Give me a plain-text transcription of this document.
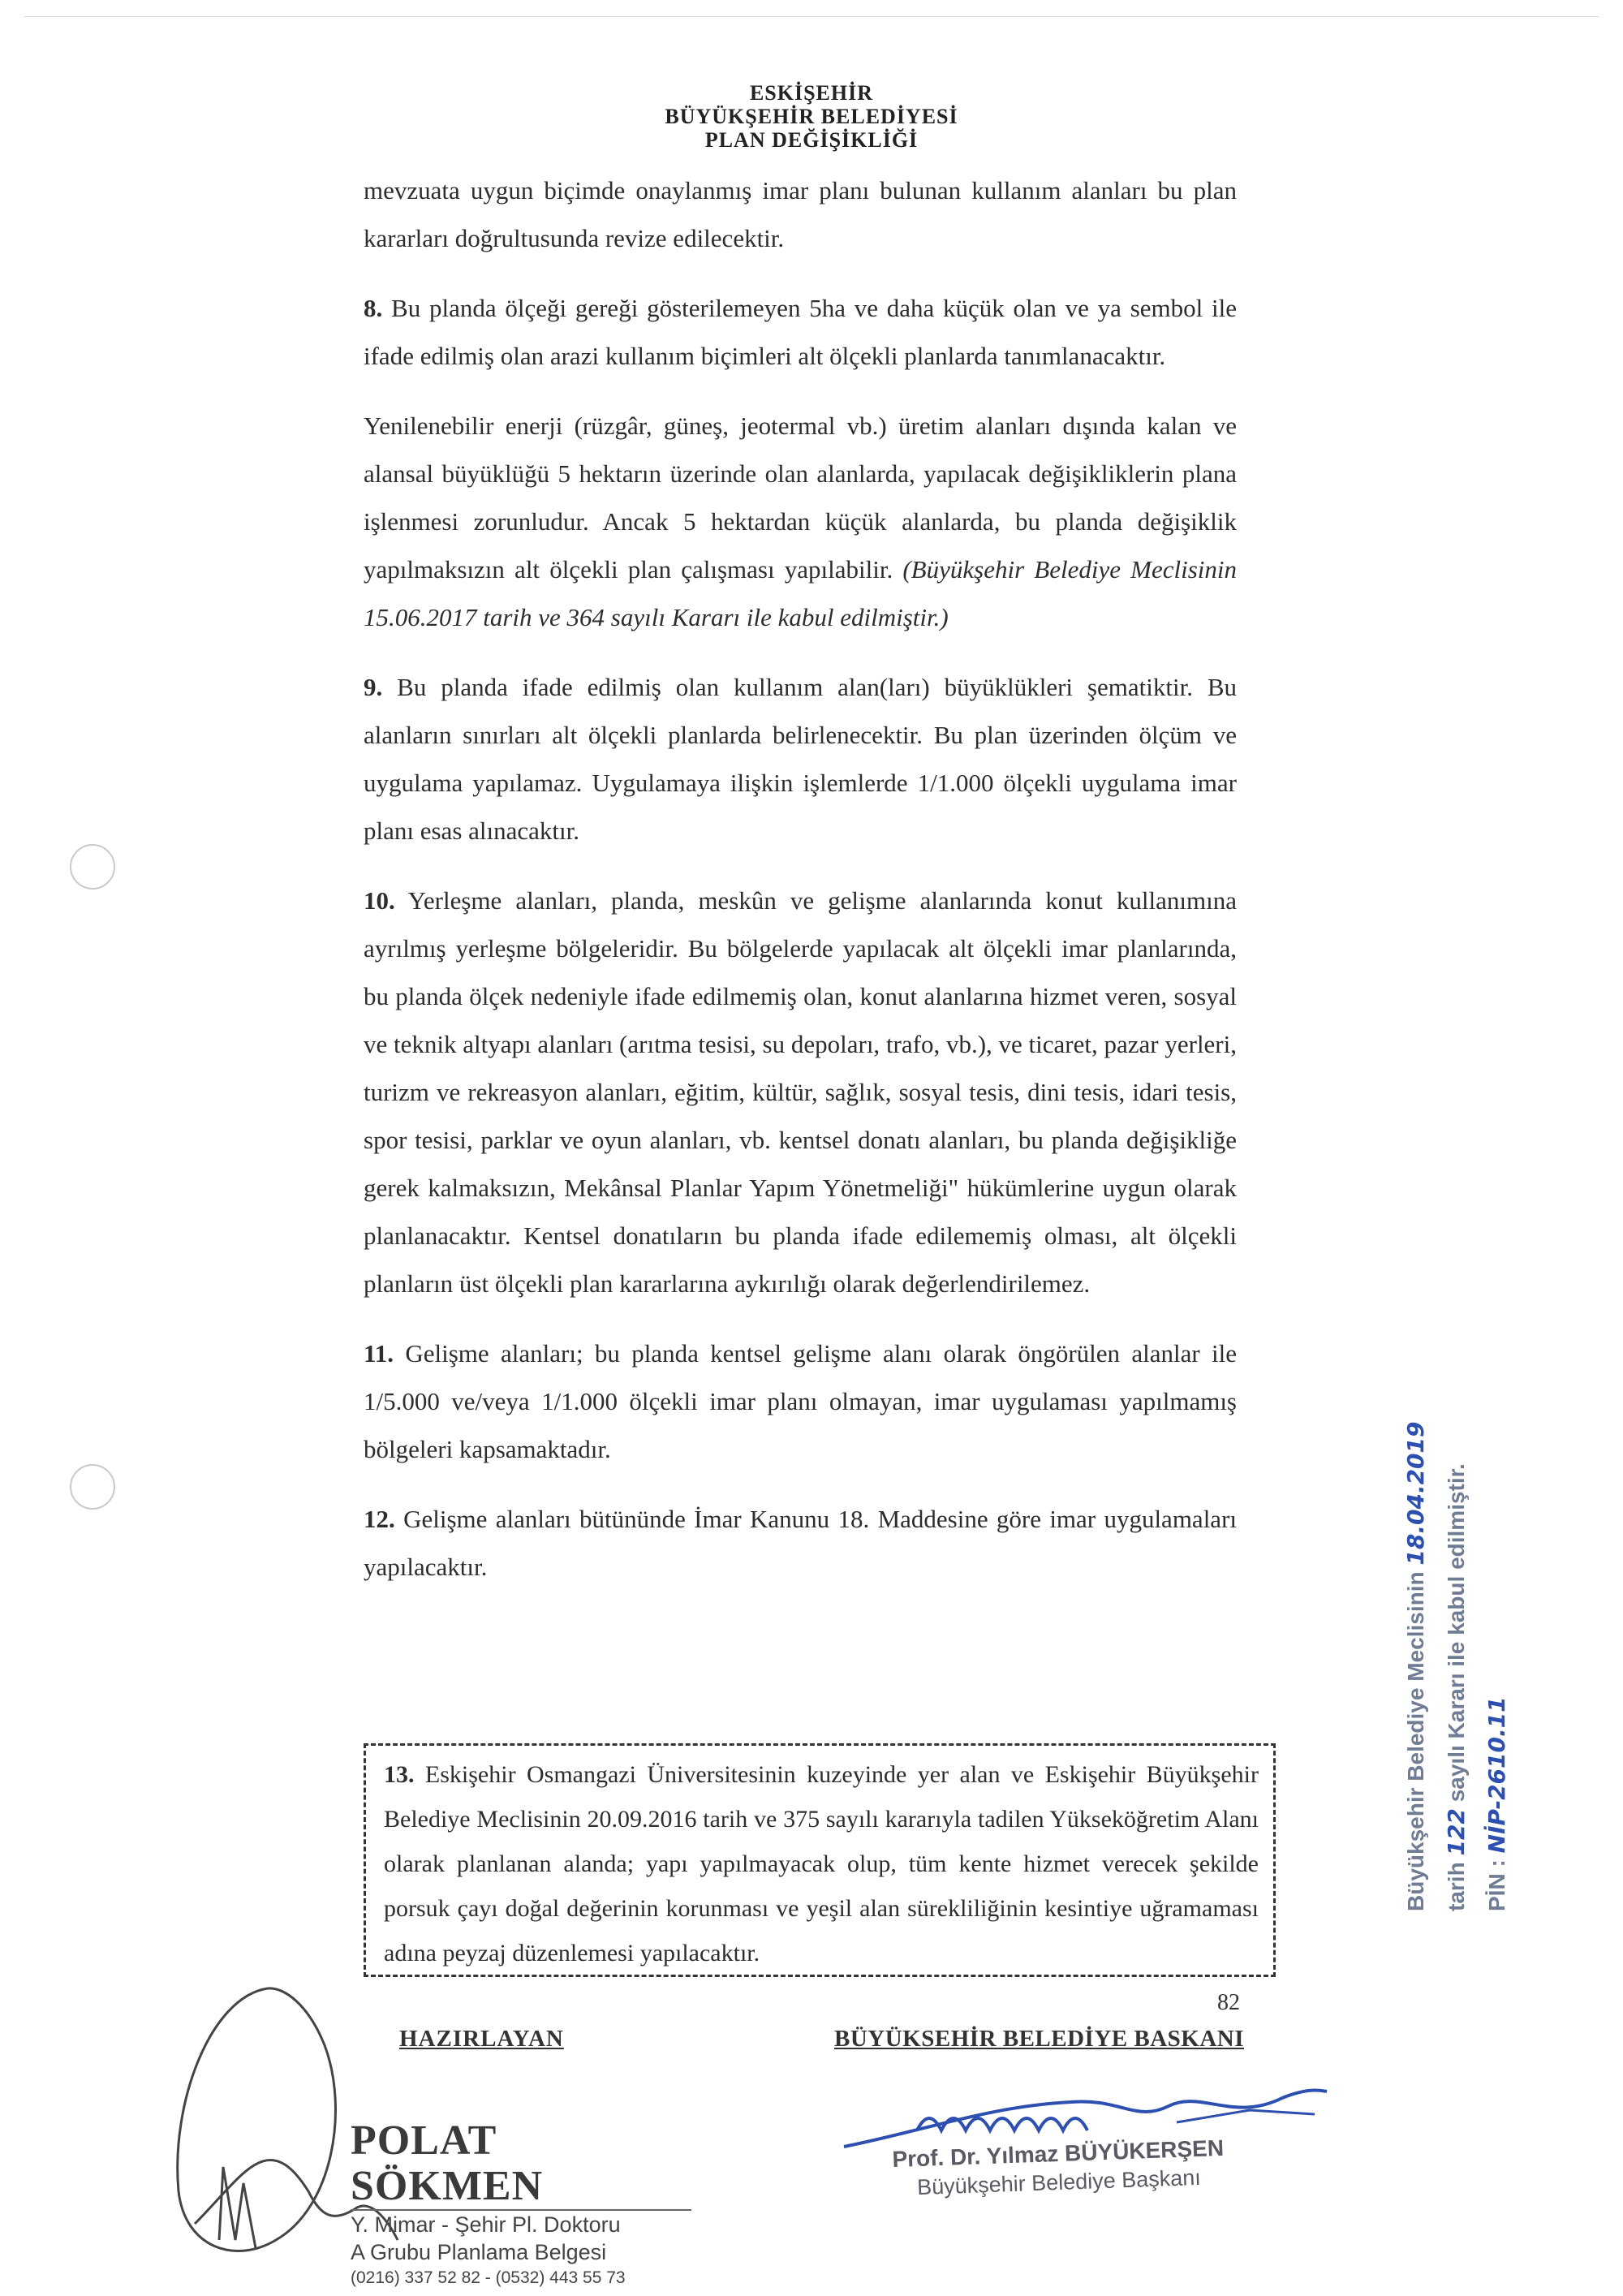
ESKİŞEHİR
BÜYÜKŞEHİR BELEDİYESİ
PLAN DEĞİŞİKLİĞİ

mevzuata uygun biçimde onaylanmış imar planı bulunan kullanım alanları bu plan kararları doğrultusunda revize edilecektir.

8. Bu planda ölçeği gereği gösterilemeyen 5ha ve daha küçük olan ve ya sembol ile ifade edilmiş olan arazi kullanım biçimleri alt ölçekli planlarda tanımlanacaktır.

Yenilenebilir enerji (rüzgâr, güneş, jeotermal vb.) üretim alanları dışında kalan ve alansal büyüklüğü 5 hektarın üzerinde olan alanlarda, yapılacak değişikliklerin plana işlenmesi zorunludur. Ancak 5 hektardan küçük alanlarda, bu planda değişiklik yapılmaksızın alt ölçekli plan çalışması yapılabilir. (Büyükşehir Belediye Meclisinin 15.06.2017 tarih ve 364 sayılı Kararı ile kabul edilmiştir.)

9. Bu planda ifade edilmiş olan kullanım alan(ları) büyüklükleri şematiktir. Bu alanların sınırları alt ölçekli planlarda belirlenecektir. Bu plan üzerinden ölçüm ve uygulama yapılamaz. Uygulamaya ilişkin işlemlerde 1/1.000 ölçekli uygulama imar planı esas alınacaktır.

10. Yerleşme alanları, planda, meskûn ve gelişme alanlarında konut kullanımına ayrılmış yerleşme bölgeleridir. Bu bölgelerde yapılacak alt ölçekli imar planlarında, bu planda ölçek nedeniyle ifade edilmemiş olan, konut alanlarına hizmet veren, sosyal ve teknik altyapı alanları (arıtma tesisi, su depoları, trafo, vb.), ve ticaret, pazar yerleri, turizm ve rekreasyon alanları, eğitim, kültür, sağlık, sosyal tesis, dini tesis, idari tesis, spor tesisi, parklar ve oyun alanları, vb. kentsel donatı alanları, bu planda değişikliğe gerek kalmaksızın, Mekânsal Planlar Yapım Yönetmeliği" hükümlerine uygun olarak planlanacaktır. Kentsel donatıların bu planda ifade edilememiş olması, alt ölçekli planların üst ölçekli plan kararlarına aykırılığı olarak değerlendirilemez.

11. Gelişme alanları; bu planda kentsel gelişme alanı olarak öngörülen alanlar ile 1/5.000 ve/veya 1/1.000 ölçekli imar planı olmayan, imar uygulaması yapılmamış bölgeleri kapsamaktadır.

12. Gelişme alanları bütününde İmar Kanunu 18. Maddesine göre imar uygulamaları yapılacaktır.

13. Eskişehir Osmangazi Üniversitesinin kuzeyinde yer alan ve Eskişehir Büyükşehir Belediye Meclisinin 20.09.2016 tarih ve 375 sayılı kararıyla tadilen Yükseköğretim Alanı olarak planlanan alanda; yapı yapılmayacak olup, tüm kente hizmet verecek şekilde porsuk çayı doğal değerinin korunması ve yeşil alan sürekliliğinin kesintiye uğramaması adına peyzaj düzenlemesi yapılacaktır.
82
HAZIRLAYAN	BÜYÜKSEHİR BELEDİYE BASKANI
POLAT SÖKMEN
Y. Mimar - Şehir Pl. Doktoru
A Grubu Planlama Belgesi
(0216) 337 52 82 - (0532) 443 55 73
Prof. Dr. Yılmaz BÜYÜKERŞEN
Büyükşehir Belediye Başkanı
Büyükşehir Belediye Meclisinin 18.04.2019
tarih 122 sayılı Kararı ile kabul edilmiştir.
PİN : NİP-2610.11
